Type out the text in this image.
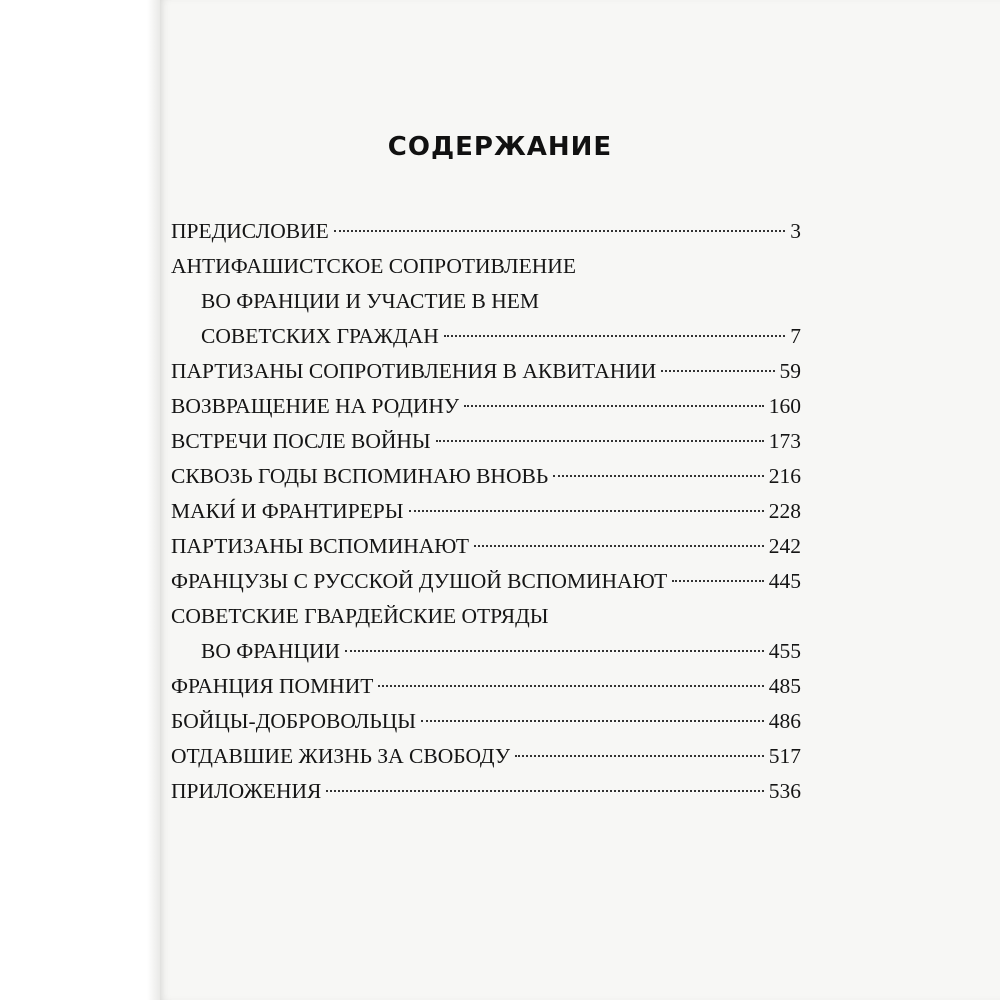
СОДЕРЖАНИЕ
ПРЕДИСЛОВИЕ	3
АНТИФАШИСТСКОЕ СОПРОТИВЛЕНИЕ
ВО ФРАНЦИИ И УЧАСТИЕ В НЕМ
СОВЕТСКИХ ГРАЖДАН	7
ПАРТИЗАНЫ СОПРОТИВЛЕНИЯ В АКВИТАНИИ	59
ВОЗВРАЩЕНИЕ НА РОДИНУ	160
ВСТРЕЧИ ПОСЛЕ ВОЙНЫ	173
СКВОЗЬ ГОДЫ ВСПОМИНАЮ ВНОВЬ	216
МАКИ́ И ФРАНТИРЕРЫ	228
ПАРТИЗАНЫ ВСПОМИНАЮТ	242
ФРАНЦУЗЫ С РУССКОЙ ДУШОЙ ВСПОМИНАЮТ	445
СОВЕТСКИЕ ГВАРДЕЙСКИЕ ОТРЯДЫ
ВО ФРАНЦИИ	455
ФРАНЦИЯ ПОМНИТ	485
БОЙЦЫ-ДОБРОВОЛЬЦЫ	486
ОТДАВШИЕ ЖИЗНЬ ЗА СВОБОДУ	517
ПРИЛОЖЕНИЯ	536
